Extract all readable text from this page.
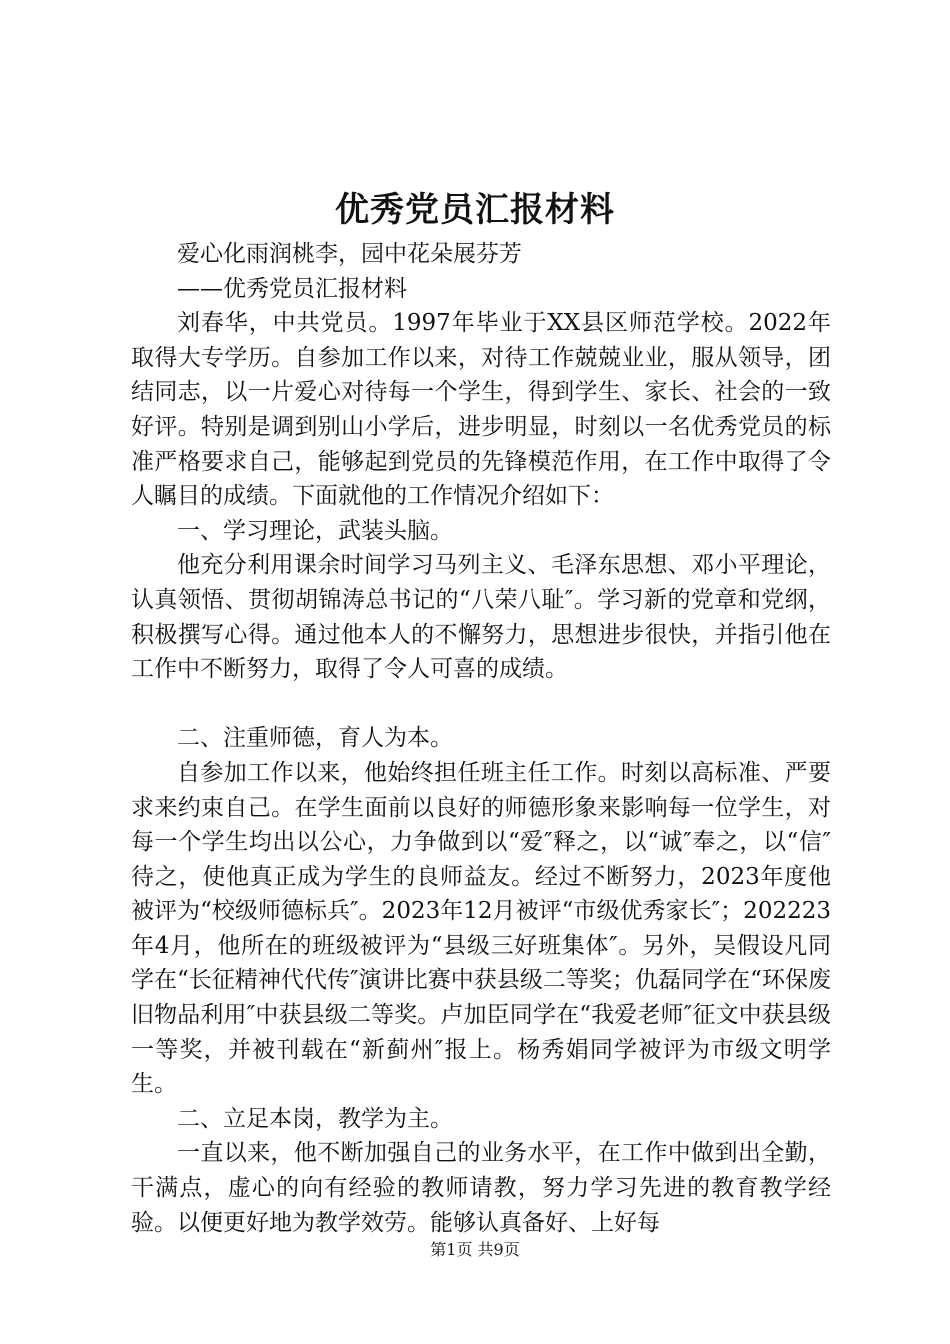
优秀党员汇报材料

爱心化雨润桃李，园中花朵展芬芳

——优秀党员汇报材料

刘春华，中共党员。1997年毕业于XX县区师范学校。2022年取得大专学历。自参加工作以来，对待工作兢兢业业，服从领导，团结同志，以一片爱心对待每一个学生，得到学生、家长、社会的一致好评。特别是调到别山小学后，进步明显，时刻以一名优秀党员的标准严格要求自己，能够起到党员的先锋模范作用，在工作中取得了令人瞩目的成绩。下面就他的工作情况介绍如下：

一、学习理论，武装头脑。

他充分利用课余时间学习马列主义、毛泽东思想、邓小平理论，认真领悟、贯彻胡锦涛总书记的“八荣八耻″。学习新的党章和党纲，积极撰写心得。通过他本人的不懈努力，思想进步很快，并指引他在工作中不断努力，取得了令人可喜的成绩。

二、注重师德，育人为本。

自参加工作以来，他始终担任班主任工作。时刻以高标准、严要求来约束自己。在学生面前以良好的师德形象来影响每一位学生，对每一个学生均出以公心，力争做到以“爱″释之，以“诚″奉之，以“信″待之，使他真正成为学生的良师益友。经过不断努力，2023年度他被评为“校级师德标兵″。2023年12月被评“市级优秀家长″；202223年4月，他所在的班级被评为“县级三好班集体″。另外，吴假设凡同学在“长征精神代代传″演讲比赛中获县级二等奖；仇磊同学在“环保废旧物品利用″中获县级二等奖。卢加臣同学在“我爱老师″征文中获县级一等奖，并被刊载在“新蓟州″报上。杨秀娟同学被评为市级文明学生。

二、立足本岗，教学为主。

一直以来，他不断加强自己的业务水平，在工作中做到出全勤，干满点，虚心的向有经验的教师请教，努力学习先进的教育教学经验。以便更好地为教学效劳。能够认真备好、上好每

第1页 共9页
